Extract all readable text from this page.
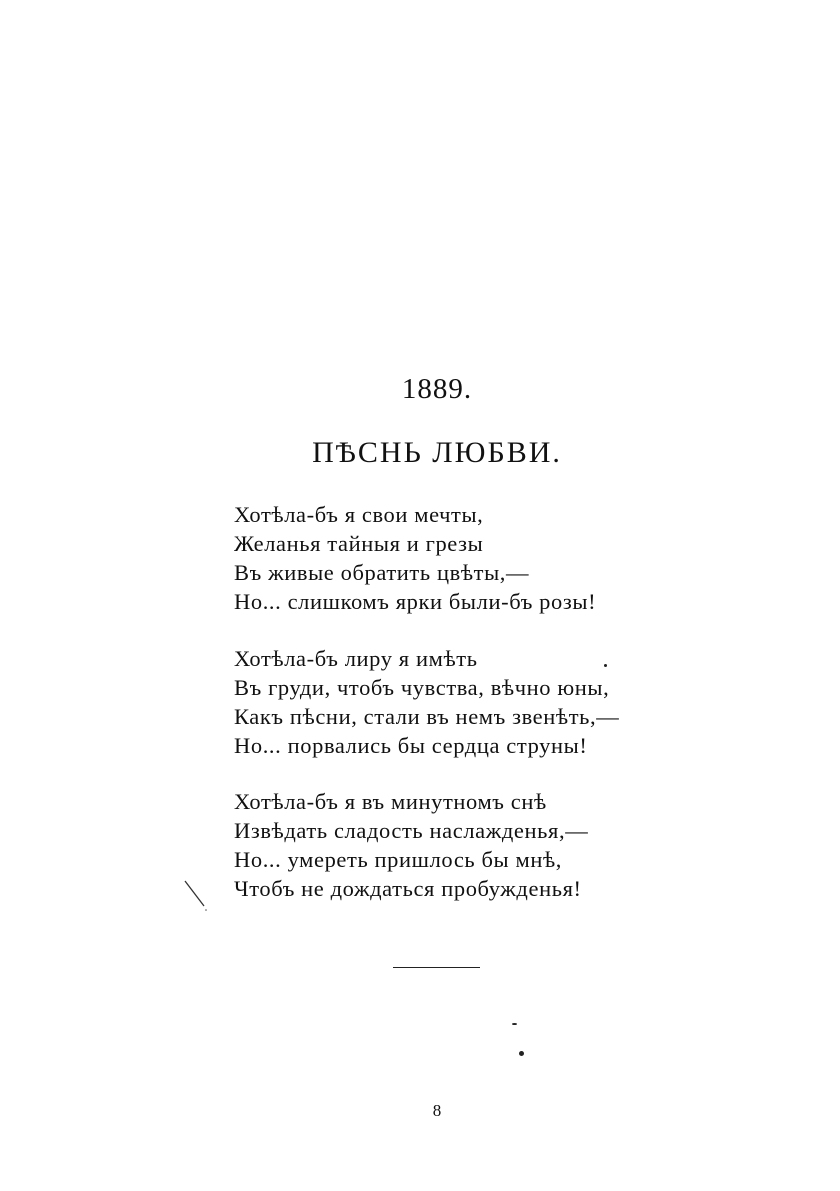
1889.
ПѢСНЬ ЛЮБВИ.
Хотѣла-бъ я свои мечты,
Желанья тайныя и грезы
Въ живые обратить цвѣты,—
Но... слишкомъ ярки были-бъ розы!
Хотѣла-бъ лиру я имѣть
Въ груди, чтобъ чувства, вѣчно юны,
Какъ пѣсни, стали въ немъ звенѣть,—
Но... порвались бы сердца струны!
Хотѣла-бъ я въ минутномъ снѣ
Извѣдать сладость наслажденья,—
Но... умереть пришлось бы мнѣ,
Чтобъ не дождаться пробужденья!
8
